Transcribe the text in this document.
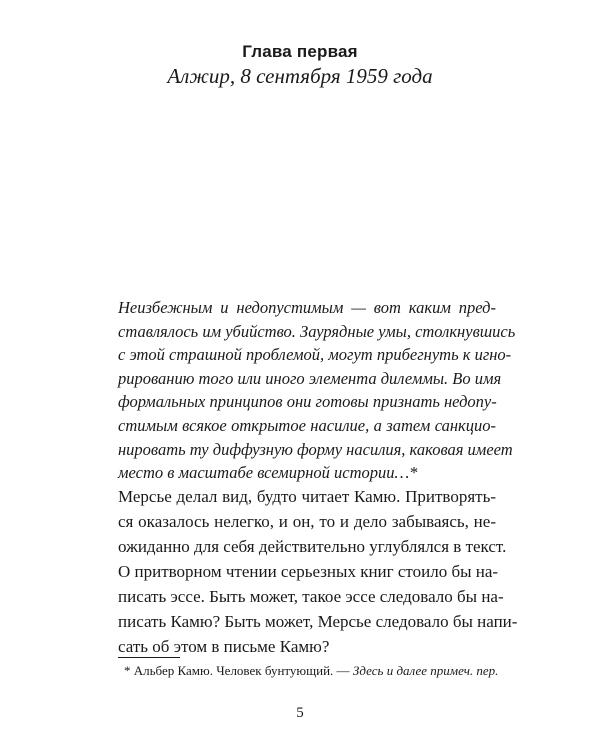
Глава первая
Алжир, 8 сентября 1959 года
Неизбежным и недопустимым — вот каким пред-
ставлялось им убийство. Заурядные умы, столкнувшись
с этой страшной проблемой, могут прибегнуть к игно-
рированию того или иного элемента дилеммы. Во имя
формальных принципов они готовы признать недопу-
стимым всякое открытое насилие, а затем санкцио-
нировать ту диффузную форму насилия, каковая имеет
место в масштабе всемирной истории…*
Мерсье делал вид, будто читает Камю. Притворять-
ся оказалось нелегко, и он, то и дело забываясь, не-
ожиданно для себя действительно углублялся в текст.
О притворном чтении серьезных книг стоило бы на-
писать эссе. Быть может, такое эссе следовало бы на-
писать Камю? Быть может, Мерсье следовало бы напи-
сать об этом в письме Камю?
* Альбер Камю. Человек бунтующий. — Здесь и далее примеч. пер.
5
